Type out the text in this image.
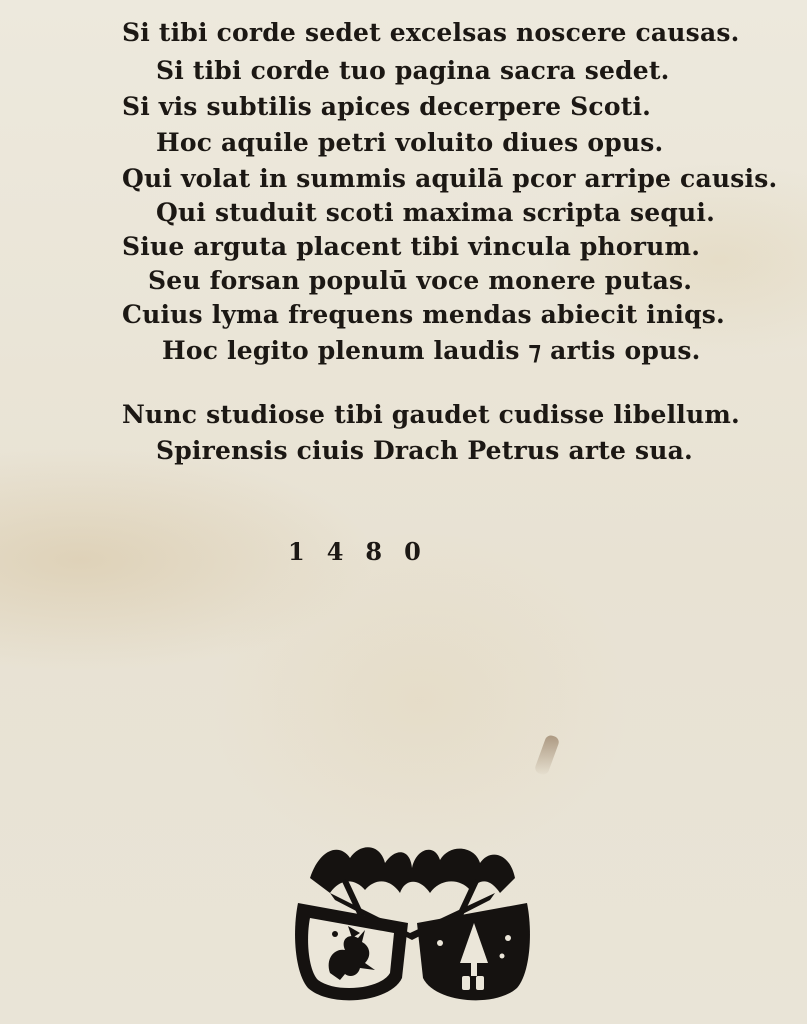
Si tibi corde sedet excelsas noscere causas.
Si tibi corde tuo pagina sacra sedet.
Si vis subtilis apices decerpere Scoti.
Hoc aquile petri voluito diues opus.
Qui volat in summis aquilā pcor arripe causis.
Qui studuit scoti maxima scripta sequi.
Siue arguta placent tibi vincula phorum.
Seu forsan populū voce monere putas.
Cuius lyma frequens mendas abiecit iniqs.
Hoc legito plenum laudis ⁊ artis opus.
Nunc studiose tibi gaudet cudisse libellum.
Spirensis ciuis Drach Petrus arte sua.
1480
